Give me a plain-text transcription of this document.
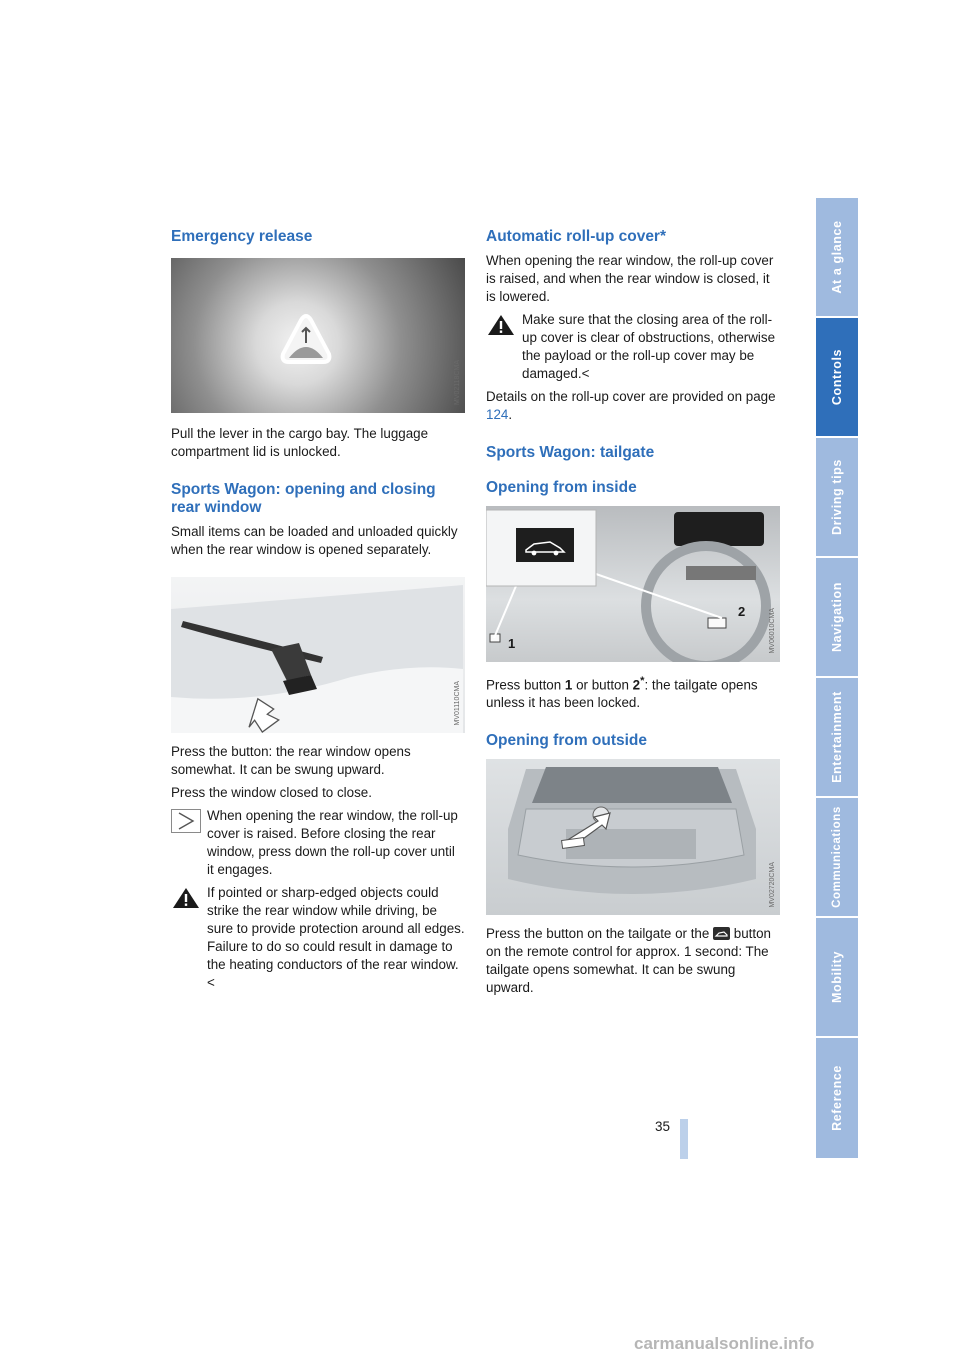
Emergency release
MV02118CMA

Pull the lever in the cargo bay. The luggage compartment lid is unlocked.

Sports Wagon: opening and closing rear window

Small items can be loaded and unloaded quickly when the rear window is opened separately.

MV01110CMA

Press the button: the rear window opens somewhat. It can be swung upward.

Press the window closed to close.

When opening the rear window, the roll-up cover is raised. Before closing the rear window, press down the roll-up cover until it engages.

If pointed or sharp-edged objects could strike the rear window while driving, be sure to provide protection around all edges. Failure to do so could result in damage to the heating conductors of the rear window.<

Automatic roll-up cover*

When opening the rear window, the roll-up cover is raised, and when the rear window is closed, it is lowered.

Make sure that the closing area of the roll-up cover is clear of obstructions, otherwise the payload or the roll-up cover may be damaged.<

Details on the roll-up cover are provided on page 124.

Sports Wagon: tailgate
Opening from inside
1
2	MV06010CMA

Press button 1 or button 2*: the tailgate opens unless it has been locked.

Opening from outside
MV02720CMA

Press the button on the tailgate or the  button on the remote control for approx. 1 second: The tailgate opens somewhat. It can be swung upward.

At a glance
Controls
Driving tips
Navigation
Entertainment
Communications
Mobility
Reference
35
carmanualsonline.info
